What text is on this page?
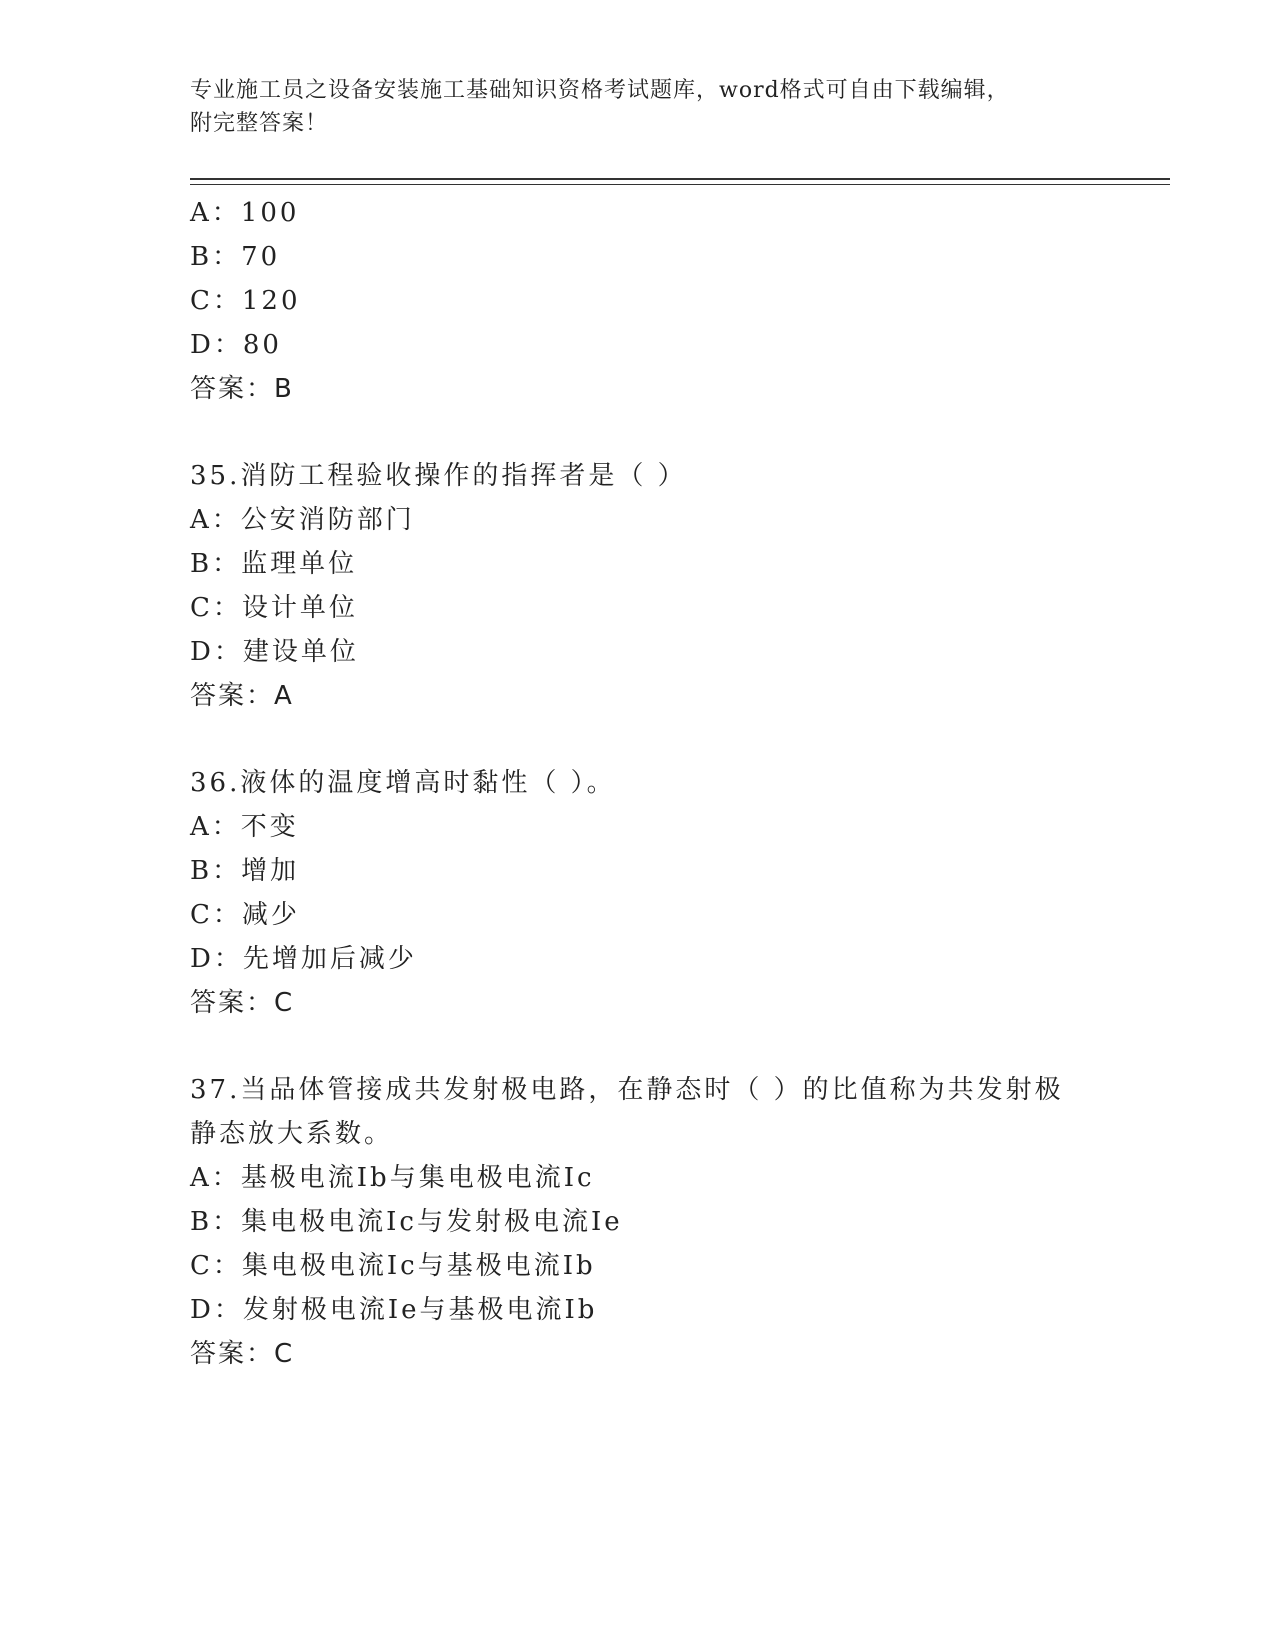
专业施工员之设备安装施工基础知识资格考试题库，word格式可自由下载编辑，
附完整答案！
A：100
B：70
C：120
D：80
答案：B
35.消防工程验收操作的指挥者是（ ）
A：公安消防部门
B：监理单位
C：设计单位
D：建设单位
答案：A
36.液体的温度增高时黏性（ ）。
A：不变
B：增加
C：减少
D：先增加后减少
答案：C
37.当品体管接成共发射极电路，在静态时（ ）的比值称为共发射极
静态放大系数。
A：基极电流Ib与集电极电流Ic
B：集电极电流Ic与发射极电流Ie
C：集电极电流Ic与基极电流Ib
D：发射极电流Ie与基极电流Ib
答案：C
